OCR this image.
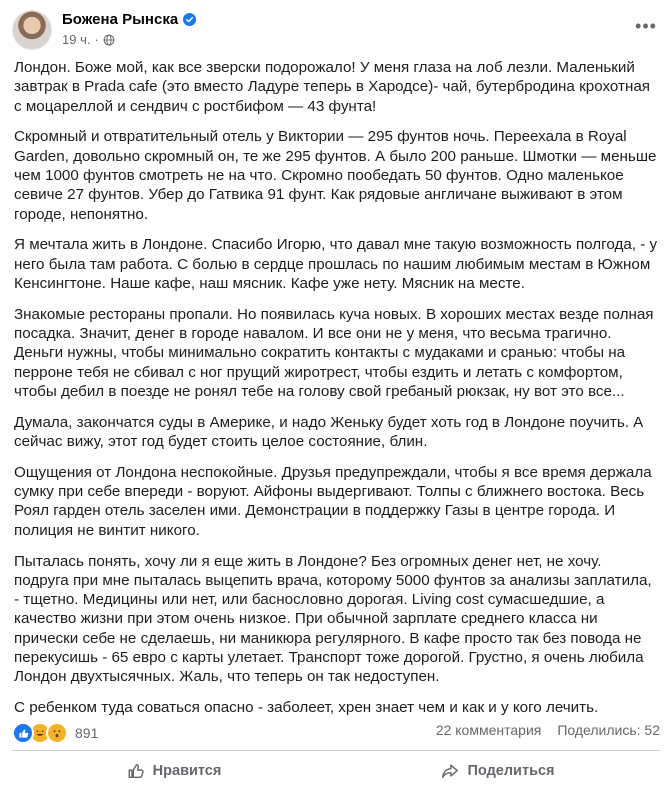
Божена Рынска
19 ч. ·
•••

Лондон. Боже мой, как все зверски подорожало! У меня глаза на лоб лезли. Маленький завтрак в Prada cafe (это вместо Ладуре теперь в Хародсе)- чай, бутербродина крохотная с моцареллой и сендвич с ростбифом — 43 фунта!

Скромный и отвратительный отель у Виктории — 295 фунтов ночь. Переехала в Royal Garden, довольно скромный он, те же 295 фунтов. А было 200 раньше. Шмотки — меньше чем 1000 фунтов смотреть не на что. Скромно пообедать 50 фунтов. Одно маленькое севиче 27 фунтов. Убер до Гатвика 91 фунт. Как рядовые англичане выживают в этом городе, непонятно.

Я мечтала жить в Лондоне. Спасибо Игорю, что давал мне такую возможность полгода, - у него была там работа. С болью в сердце прошлась по нашим любимым местам в Южном Кенсингтоне. Наше кафе, наш мясник. Кафе уже нету. Мясник на месте.

Знакомые рестораны пропали. Но появилась куча новых. В хороших местах везде полная посадка. Значит, денег в городе навалом. И все они не у меня, что весьма трагично. Деньги нужны, чтобы минимально сократить контакты с мудаками и сранью: чтобы на перроне тебя не сбивал с ног прущий жиротрест, чтобы ездить и летать с комфортом, чтобы дебил в поезде не ронял тебе на голову свой гребаный рюкзак, ну вот это все...

Думала, закончатся суды в Америке, и надо Женьку будет хоть год в Лондоне поучить. А сейчас вижу, этот год будет стоить целое состояние, блин.

Ощущения от Лондона неспокойные. Друзья предупреждали, чтобы я все время держала сумку при себе впереди - воруют. Айфоны выдергивают. Толпы с ближнего востока. Весь Роял гарден отель заселен ими. Демонстрации в поддержку Газы в центре города. И полиция не винтит никого.

Пыталась понять, хочу ли я еще жить в Лондоне? Без огромных денег нет, не хочу. подруга при мне пыталась выцепить врача, которому 5000 фунтов за анализы заплатила, - тщетно. Медицины или нет, или баснословно дорогая. Living cost сумасшедшие, а качество жизни при этом очень низкое. При обычной зарплате среднего класса ни прически себе не сделаешь, ни маникюра регулярного. В кафе просто так без повода не перекусишь - 65 евро с карты улетает. Транспорт тоже дорогой. Грустно, я очень любила Лондон двухтысячных. Жаль, что теперь он так недоступен.

С ребенком туда соваться опасно - заболеет, хрен знает чем и как и у кого лечить.

891	22 комментария Поделились: 52
Нравится	Поделиться
